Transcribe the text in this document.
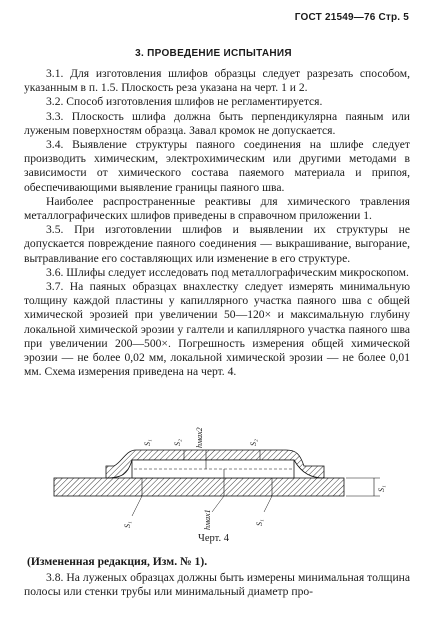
ГОСТ 21549—76 Стр. 5
3. ПРОВЕДЕНИЕ ИСПЫТАНИЯ

3.1. Для изготовления шлифов образцы следует разрезать способом, указанным в п. 1.5. Плоскость реза указана на черт. 1 и 2.

3.2. Способ изготовления шлифов не регламентируется.

3.3. Плоскость шлифа должна быть перпендикулярна паяным или луженым поверхностям образца. Завал кромок не допускается.

3.4. Выявление структуры паяного соединения на шлифе следует производить химическим, электрохимическим или другими методами в зависимости от химического состава паяемого материала и припоя, обеспечивающими выявление границы паяного шва.

Наиболее распространенные реактивы для химического травления металлографических шлифов приведены в справочном приложении 1.

3.5. При изготовлении шлифов и выявлении их структуры не допускается повреждение паяного соединения — выкрашивание, выгорание, вытравливание его составляющих или изменение в его структуре.

3.6. Шлифы следует исследовать под металлографическим микроскопом.

3.7. На паяных образцах внахлестку следует измерять минимальную толщину каждой пластины у капиллярного участка паяного шва с общей химической эрозией при увеличении 50—120× и максимальную глубину локальной химической эрозии у галтели и капиллярного участка паяного шва при увеличении 200—500×. Погрешность измерения общей химической эрозии — не более 0,02 мм, локальной химической эрозии — не более 0,01 мм. Схема измерения приведена на черт. 4.

S₂ hмах2	S₂
S₁
S₁	hмах1	S₁
S₁
Черт. 4
(Измененная редакция, Изм. № 1).

3.8. На луженых образцах должны быть измерены минимальная толщина полосы или стенки трубы или минимальный диаметр про-
